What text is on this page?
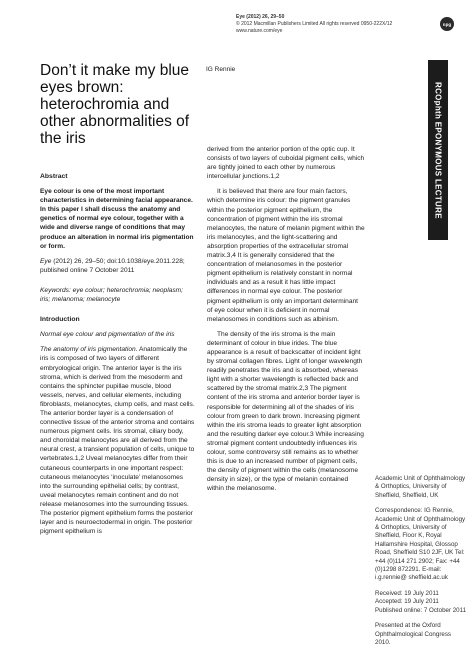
Eye (2012) 26, 29–50
© 2012 Macmillan Publishers Limited All rights reserved 0950-222X/12
www.nature.com/eye
npg
Don’t it make my blue eyes brown: heterochromia and other abnormalities of the iris
IG Rennie
RCOphth EPONYMOUS LECTURE
Abstract

Eye colour is one of the most important characteristics in determining facial appearance. In this paper I shall discuss the anatomy and genetics of normal eye colour, together with a wide and diverse range of conditions that may produce an alteration in normal iris pigmentation or form.

Eye (2012) 26, 29–50; doi:10.1038/eye.2011.228; published online 7 October 2011

Keywords: eye colour; heterochromia; neoplasm; iris; melanoma; melanocyte

Introduction

Normal eye colour and pigmentation of the iris

The anatomy of iris pigmentation. Anatomically the iris is composed of two layers of different embryological origin. The anterior layer is the iris stroma, which is derived from the mesoderm and contains the sphincter pupillae muscle, blood vessels, nerves, and cellular elements, including fibroblasts, melanocytes, clump cells, and mast cells. The anterior border layer is a condensation of connective tissue of the anterior stroma and contains numerous pigment cells. Iris stromal, ciliary body, and choroidal melanocytes are all derived from the neural crest, a transient population of cells, unique to vertebrates.1,2 Uveal melanocytes differ from their cutaneous counterparts in one important respect: cutaneous melanocytes ‘inoculate’ melanosomes into the surrounding epithelial cells; by contrast, uveal melanocytes remain continent and do not release melanosomes into the surrounding tissues. The posterior pigment epithelium forms the posterior layer and is neuroectodermal in origin. The posterior pigment epithelium is

derived from the anterior portion of the optic cup. It consists of two layers of cuboidal pigment cells, which are tightly joined to each other by numerous intercellular junctions.1,2

It is believed that there are four main factors, which determine iris colour: the pigment granules within the posterior pigment epithelium, the concentration of pigment within the iris stromal melanocytes, the nature of melanin pigment within the iris melanocytes, and the light-scattering and absorption properties of the extracellular stromal matrix.3,4 It is generally considered that the concentration of melanosomes in the posterior pigment epithelium is relatively constant in normal individuals and as a result it has little impact differences in normal eye colour. The posterior pigment epithelium is only an important determinant of eye colour when it is deficient in normal melanosomes in conditions such as albinism.

The density of the iris stroma is the main determinant of colour in blue irides. The blue appearance is a result of backscatter of incident light by stromal collagen fibres. Light of longer wavelength readily penetrates the iris and is absorbed, whereas light with a shorter wavelength is reflected back and scattered by the stromal matrix.2,3 The pigment content of the iris stroma and anterior border layer is responsible for determining all of the shades of iris colour from green to dark brown. Increasing pigment within the iris stroma leads to greater light absorption and the resulting darker eye colour.3 While increasing stromal pigment content undoubtedly influences iris colour, some controversy still remains as to whether this is due to an increased number of pigment cells, the density of pigment within the cells (melanosome density in size), or the type of melanin contained within the melanosome.

Academic Unit of Ophthalmology & Orthoptics, University of Sheffield, Sheffield, UK

Correspondence: IG Rennie, Academic Unit of Ophthalmology & Orthoptics, University of Sheffield, Floor K, Royal Hallamshire Hospital, Glossop Road, Sheffield S10 2JF, UK Tel: +44 (0)114 271 2902; Fax: +44 (0)1298 872291. E-mail: i.g.rennie@ sheffield.ac.uk

Received: 19 July 2011 Accepted: 19 July 2011 Published online: 7 October 2011

Presented at the Oxford Ophthalmological Congress 2010.
